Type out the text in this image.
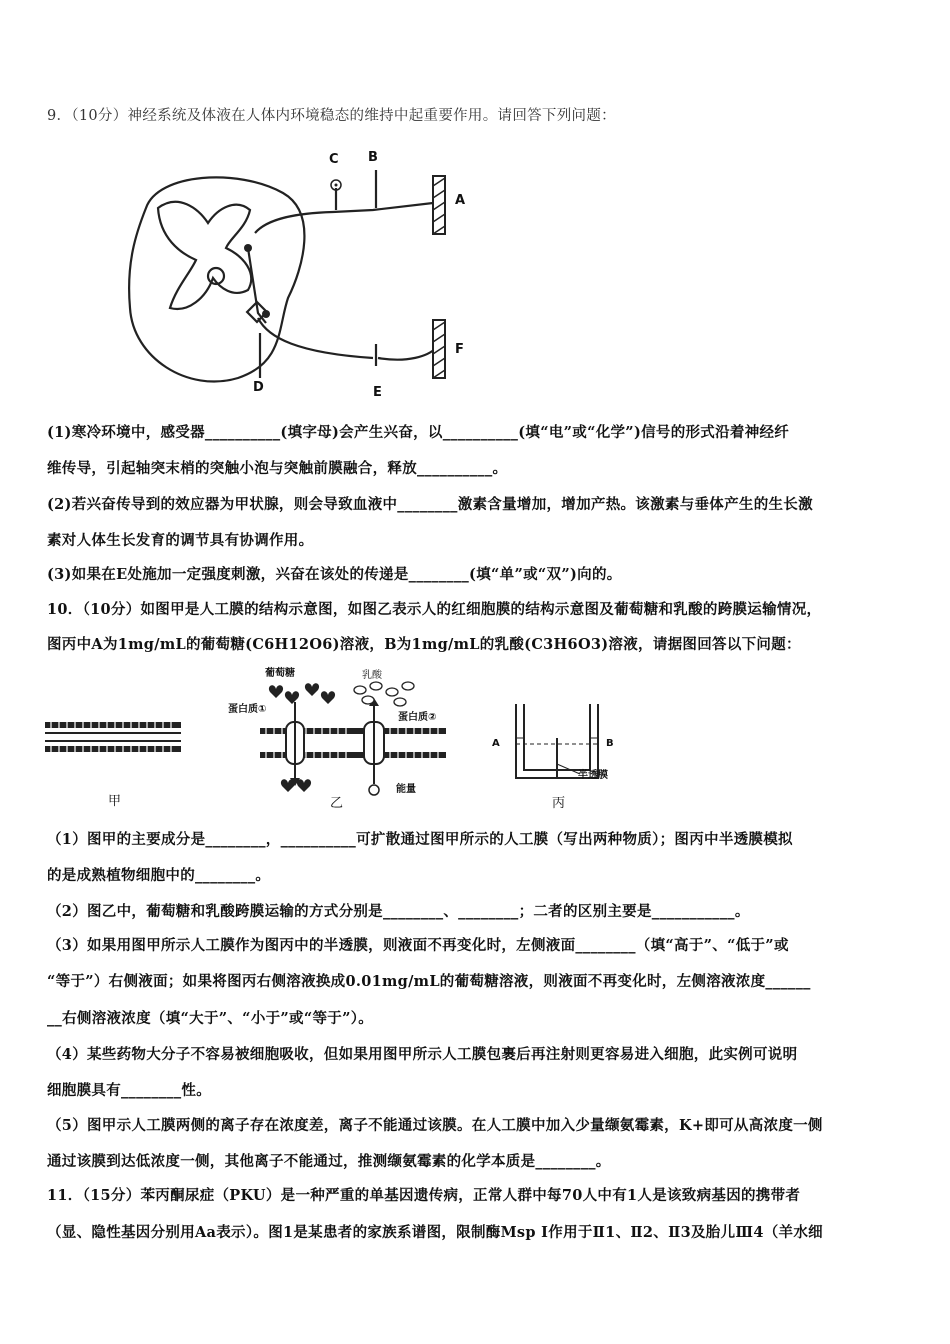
9．（10分）神经系统及体液在人体内环境稳态的维持中起重要作用。请回答下列问题：
C B
A
F
D	E
(1)寒冷环境中，感受器__________(填字母)会产生兴奋，以__________(填“电”或“化学”)信号的形式沿着神经纤
维传导，引起轴突末梢的突触小泡与突触前膜融合，释放__________。
(2)若兴奋传导到的效应器为甲状腺，则会导致血液中________激素含量增加，增加产热。该激素与垂体产生的生长激
素对人体生长发育的调节具有协调作用。
(3)如果在E处施加一定强度刺激，兴奋在该处的传递是________(填“单”或“双”)向的。
10．（10分）如图甲是人工膜的结构示意图，如图乙表示人的红细胞膜的结构示意图及葡萄糖和乳酸的跨膜运输情况，
图丙中A为1mg/mL的葡萄糖(C6H12O6)溶液，B为1mg/mL的乳酸(C3H6O3)溶液，请据图回答以下问题：
甲
葡萄糖	乳酸
蛋白质①
蛋白质②
能量
乙
A	B
半透膜
丙
（1）图甲的主要成分是________，__________可扩散通过图甲所示的人工膜（写出两种物质）；图丙中半透膜模拟
的是成熟植物细胞中的________。
（2）图乙中，葡萄糖和乳酸跨膜运输的方式分别是________、________；二者的区别主要是___________。
（3）如果用图甲所示人工膜作为图丙中的半透膜，则液面不再变化时，左侧液面________（填“高于”、“低于”或
“等于”）右侧液面；如果将图丙右侧溶液换成0.01mg/mL的葡萄糖溶液，则液面不再变化时，左侧溶液浓度______
__右侧溶液浓度（填“大于”、“小于”或“等于”）。
（4）某些药物大分子不容易被细胞吸收，但如果用图甲所示人工膜包裹后再注射则更容易进入细胞，此实例可说明
细胞膜具有________性。
（5）图甲示人工膜两侧的离子存在浓度差，离子不能通过该膜。在人工膜中加入少量缬氨霉素，K+即可从高浓度一侧
通过该膜到达低浓度一侧，其他离子不能通过，推测缬氨霉素的化学本质是________。
11．（15分）苯丙酮尿症（PKU）是一种严重的单基因遗传病，正常人群中每70人中有1人是该致病基因的携带者
（显、隐性基因分别用Aa表示）。图1是某患者的家族系谱图，限制酶Msp I作用于Ⅱ1、Ⅱ2、Ⅱ3及胎儿Ⅲ4（羊水细
